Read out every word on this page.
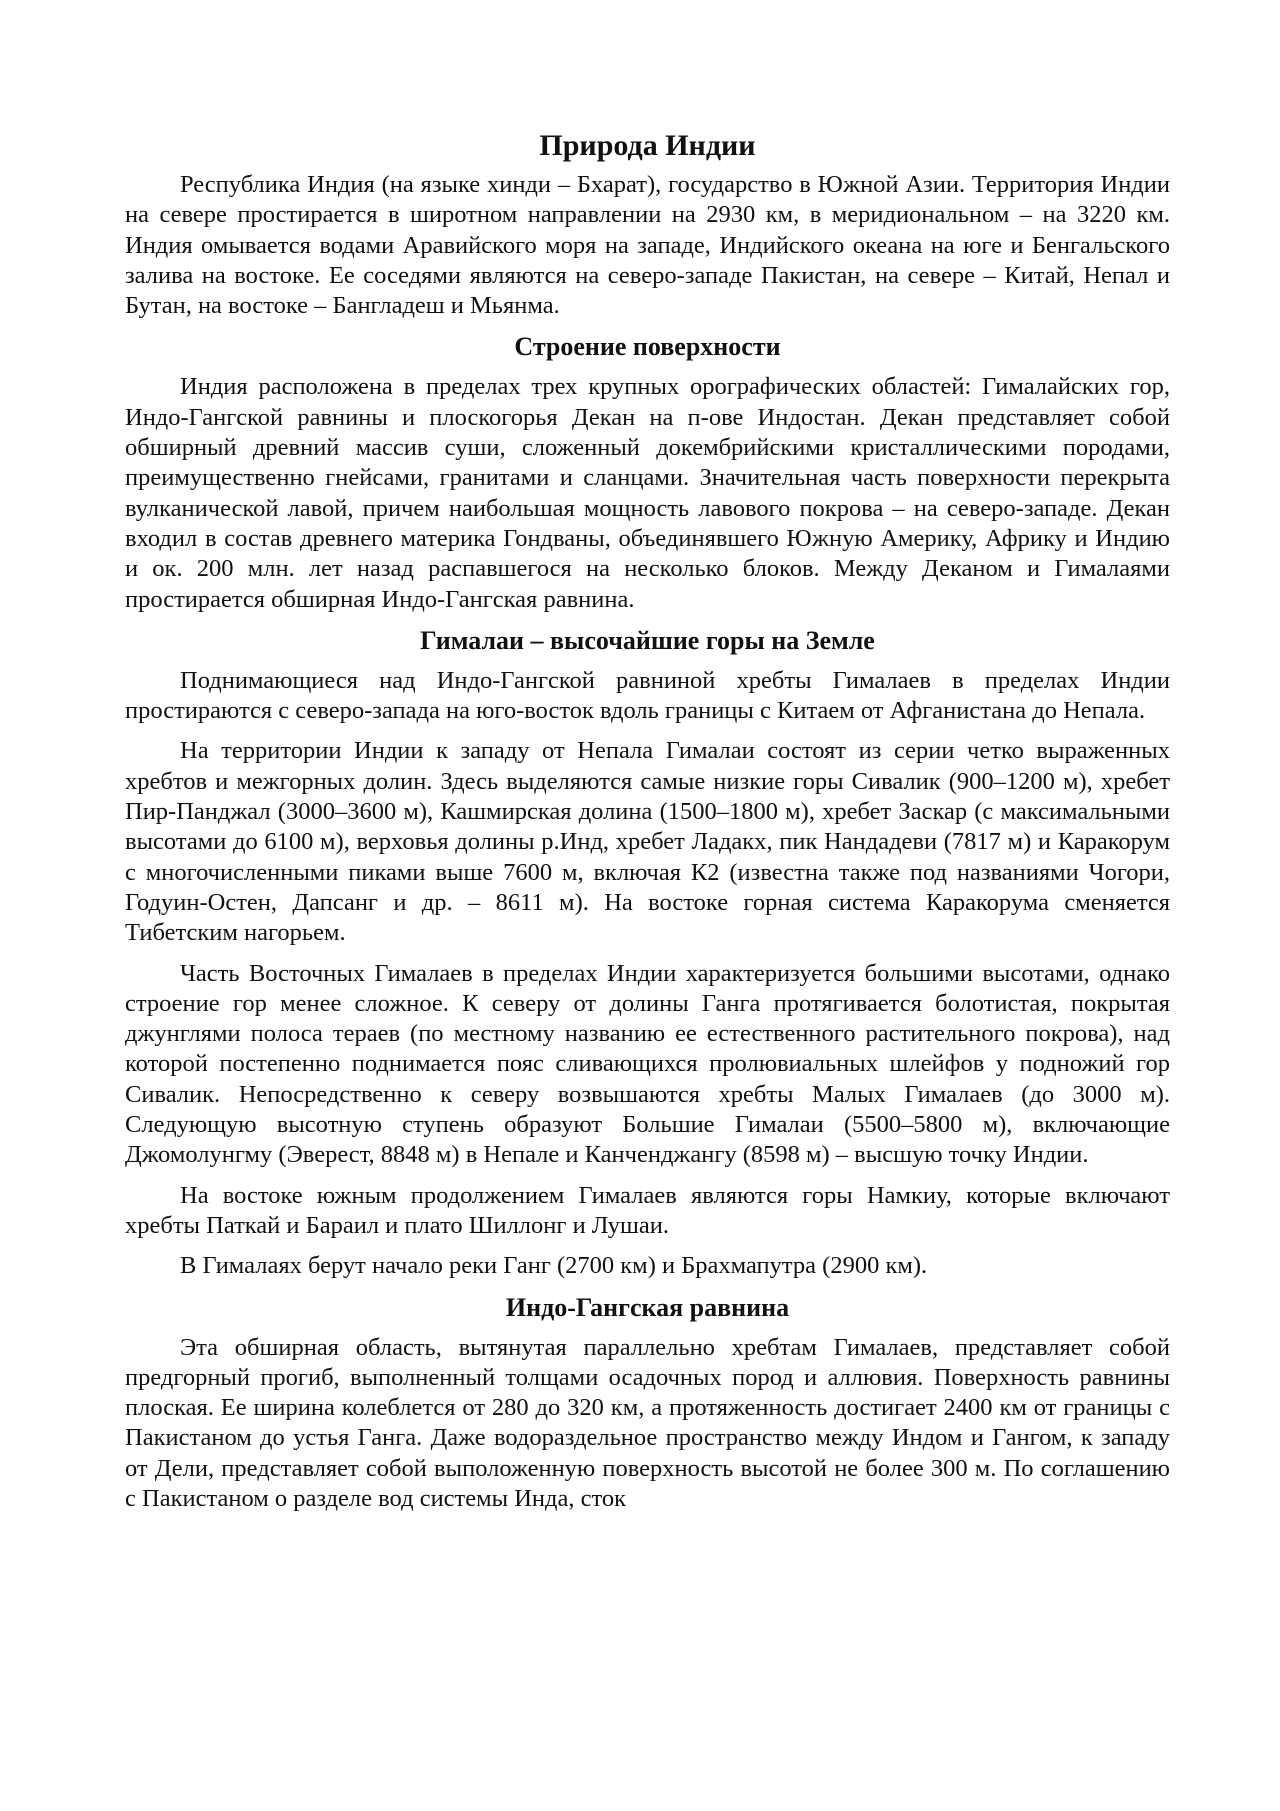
Природа Индии

Республика Индия (на языке хинди – Бхарат), государство в Южной Азии. Территория Индии на севере простирается в широтном направлении на 2930 км, в меридиональном – на 3220 км. Индия омывается водами Аравийского моря на западе, Индийского океана на юге и Бенгальского залива на востоке. Ее соседями являются на северо-западе Пакистан, на севере – Китай, Непал и Бутан, на востоке – Бангладеш и Мьянма.

Строение поверхности

Индия расположена в пределах трех крупных орографических областей: Гималайских гор, Индо-Гангской равнины и плоскогорья Декан на п-ове Индостан. Декан представляет собой обширный древний массив суши, сложенный докембрийскими кристаллическими породами, преимущественно гнейсами, гранитами и сланцами. Значительная часть поверхности перекрыта вулканической лавой, причем наибольшая мощность лавового покрова – на северо-западе. Декан входил в состав древнего материка Гондваны, объединявшего Южную Америку, Африку и Индию и ок. 200 млн. лет назад распавшегося на несколько блоков. Между Деканом и Гималаями простирается обширная Индо-Гангская равнина.

Гималаи – высочайшие горы на Земле

Поднимающиеся над Индо-Гангской равниной хребты Гималаев в пределах Индии простираются с северо-запада на юго-восток вдоль границы с Китаем от Афганистана до Непала.

На территории Индии к западу от Непала Гималаи состоят из серии четко выраженных хребтов и межгорных долин. Здесь выделяются самые низкие горы Сивалик (900–1200 м), хребет Пир-Панджал (3000–3600 м), Кашмирская долина (1500–1800 м), хребет Заскар (с максимальными высотами до 6100 м), верховья долины р.Инд, хребет Ладакх, пик Нандадеви (7817 м) и Каракорум с многочисленными пиками выше 7600 м, включая К2 (известна также под названиями Чогори, Годуин-Остен, Дапсанг и др. – 8611 м). На востоке горная система Каракорума сменяется Тибетским нагорьем.

Часть Восточных Гималаев в пределах Индии характеризуется большими высотами, однако строение гор менее сложное. К северу от долины Ганга протягивается болотистая, покрытая джунглями полоса тераев (по местному названию ее естественного растительного покрова), над которой постепенно поднимается пояс сливающихся пролювиальных шлейфов у подножий гор Сивалик. Непосредственно к северу возвышаются хребты Малых Гималаев (до 3000 м). Следующую высотную ступень образуют Большие Гималаи (5500–5800 м), включающие Джомолунгму (Эверест, 8848 м) в Непале и Канченджангу (8598 м) – высшую точку Индии.

На востоке южным продолжением Гималаев являются горы Намкиу, которые включают хребты Паткай и Бараил и плато Шиллонг и Лушаи.

В Гималаях берут начало реки Ганг (2700 км) и Брахмапутра (2900 км).

Индо-Гангская равнина

Эта обширная область, вытянутая параллельно хребтам Гималаев, представляет собой предгорный прогиб, выполненный толщами осадочных пород и аллювия. Поверхность равнины плоская. Ее ширина колеблется от 280 до 320 км, а протяженность достигает 2400 км от границы с Пакистаном до устья Ганга. Даже водораздельное пространство между Индом и Гангом, к западу от Дели, представляет собой выположенную поверхность высотой не более 300 м. По соглашению с Пакистаном о разделе вод системы Инда, сток
